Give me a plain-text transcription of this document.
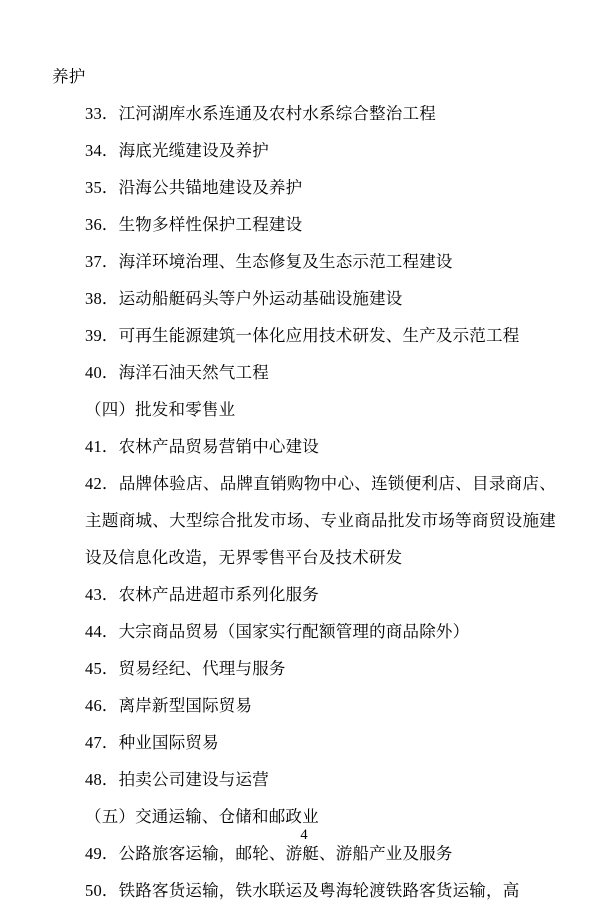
养护
33．江河湖库水系连通及农村水系综合整治工程
34．海底光缆建设及养护
35．沿海公共锚地建设及养护
36．生物多样性保护工程建设
37．海洋环境治理、生态修复及生态示范工程建设
38．运动船艇码头等户外运动基础设施建设
39．可再生能源建筑一体化应用技术研发、生产及示范工程
40．海洋石油天然气工程
（四）批发和零售业
41．农林产品贸易营销中心建设
42．品牌体验店、品牌直销购物中心、连锁便利店、目录商店、主题商城、大型综合批发市场、专业商品批发市场等商贸设施建设及信息化改造，无界零售平台及技术研发
43．农林产品进超市系列化服务
44．大宗商品贸易（国家实行配额管理的商品除外）
45．贸易经纪、代理与服务
46．离岸新型国际贸易
47．种业国际贸易
48．拍卖公司建设与运营
（五）交通运输、仓储和邮政业
49．公路旅客运输，邮轮、游艇、游船产业及服务
50．铁路客货运输，铁水联运及粤海轮渡铁路客货运输，高
4
